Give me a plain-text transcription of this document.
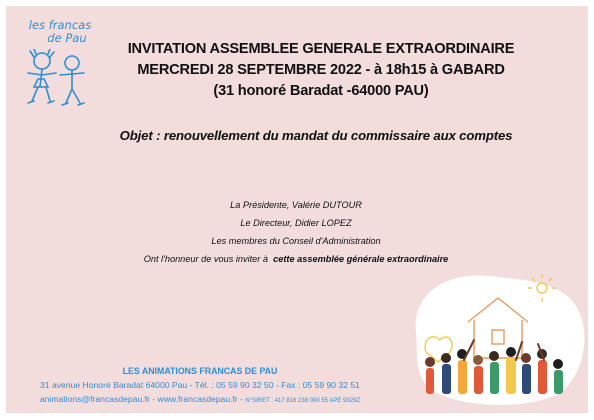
les francas
de Pau
INVITATION ASSEMBLEE GENERALE EXTRAORDINAIRE
MERCREDI 28 SEPTEMBRE 2022 - à 18h15 à GABARD
(31 honoré Baradat -64000 PAU)
Objet : renouvellement du mandat du commissaire aux comptes
La Présidente, Valérie DUTOUR
Le Directeur, Didier LOPEZ
Les membres du Conseil d'Administration
Ont l'honneur de vous inviter à cette assemblée générale extraordinaire
LES ANIMATIONS FRANCAS DE PAU
31 avenue Honoré Baradat 64000 Pau - Tél. : 05 59 90 32 50 - Fax : 05 59 90 32 51
animations@francasdepau.fr - www.francasdepau.fr - N°SIRET : 417 816 238 000 55 APE 9329Z
